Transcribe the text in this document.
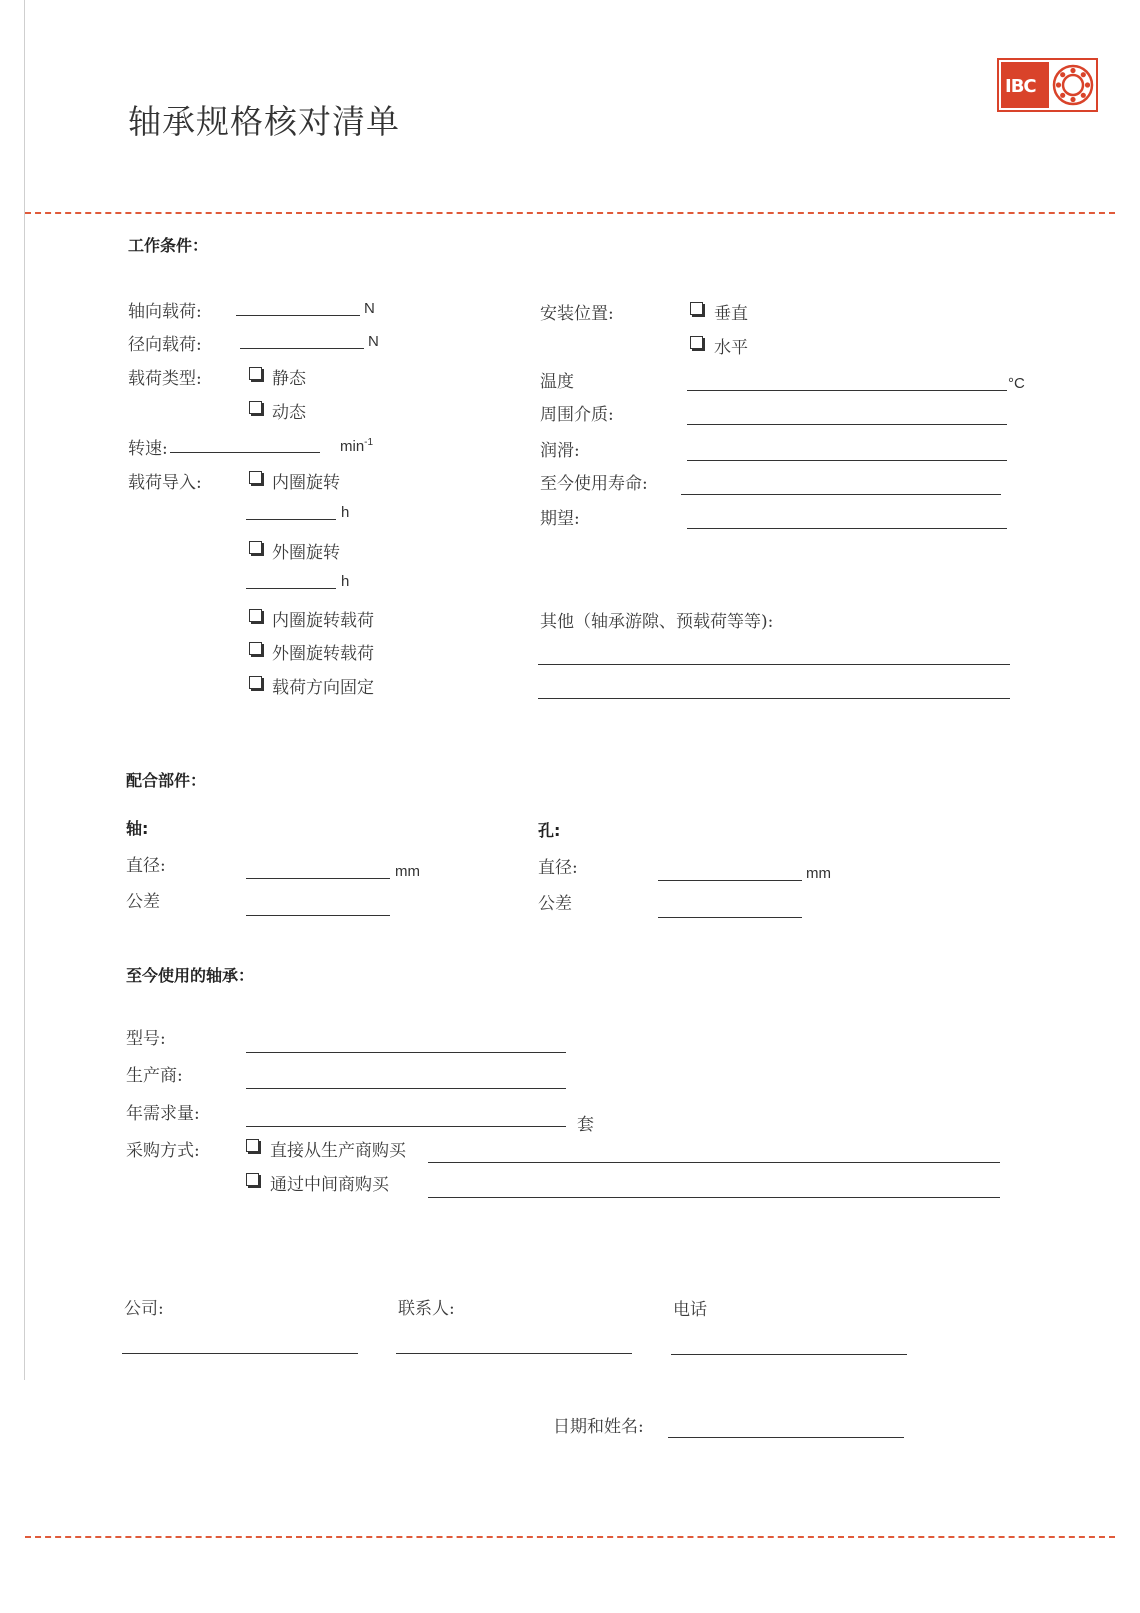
轴承规格核对清单
IBC
工作条件：
轴向载荷:	N
径向载荷:	N
载荷类型:	静态
动态
转速:	$\min^{-1}$
载荷导入:	内圈旋转
h
外圈旋转
h
内圈旋转载荷
外圈旋转载荷
载荷方向固定
安装位置:	垂直
水平
温度	°C
周围介质:
润滑:
至今使用寿命:
期望:
其他（轴承游隙、预载荷等等):
配合部件：
轴:
直径:	mm
公差
孔:
直径:	mm
公差
至今使用的轴承：
型号:
生产商:
年需求量:
套
采购方式:	直接从生产商购买
通过中间商购买
公司:	联系人:	电话
日期和姓名:
